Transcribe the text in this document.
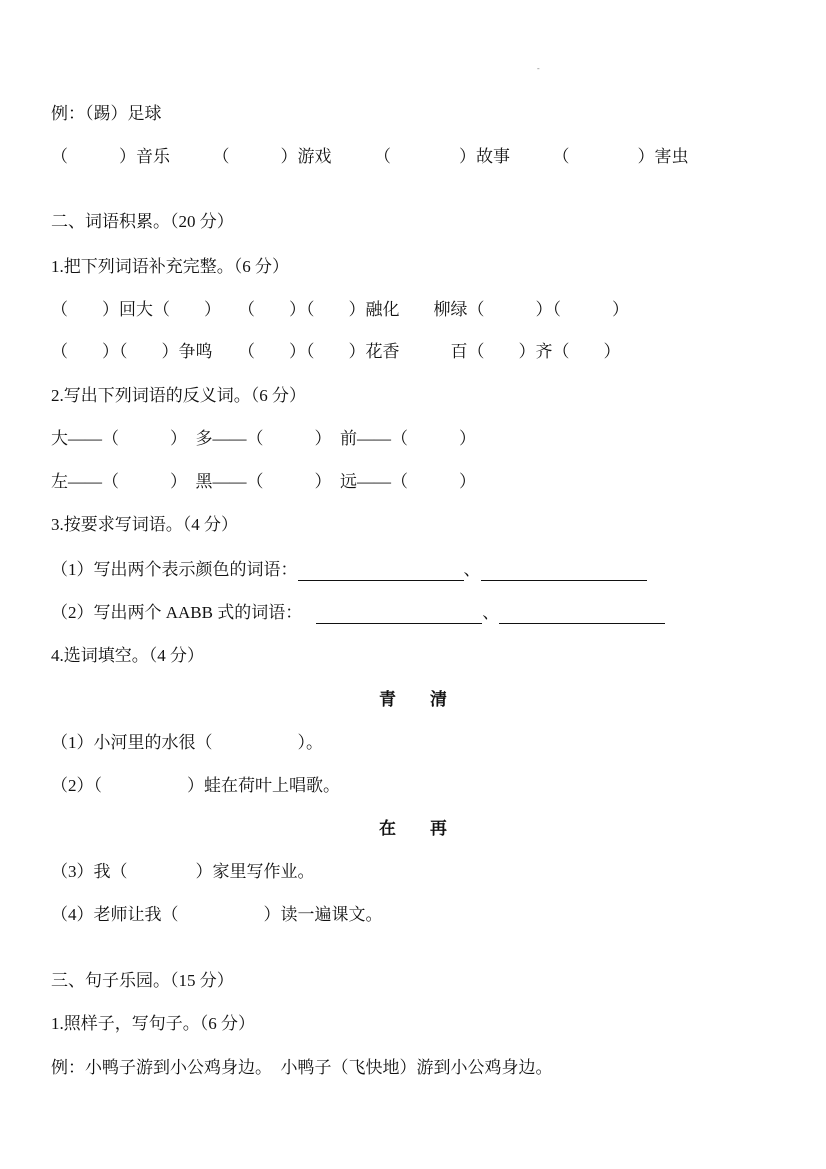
-
例：（踢）足球
（　　　）音乐　　　（　　　）游戏　　　（　　　　）故事　　　（　　　　）害虫
二、词语积累。（20 分）
1.把下列词语补充完整。（6 分）
（　　）回大（　　）　　（　　）（　　）融化　　柳绿（　　　）（　　　）
（　　）（　　）争鸣　　（　　）（　　）花香　　　百（　　）齐（　　）
2.写出下列词语的反义词。（6 分）
大——（　　　）　多——（　　　）　前——（　　　）
左——（　　　）　黑——（　　　）　远——（　　　）
3.按要求写词语。（4 分）
（1）写出两个表示颜色的词语：	、
（2）写出两个 AABB 式的词语：	、
4.选词填空。（4 分）
青　　清
（1）小河里的水很（　　　　　）。
（2）（　　　　　）蛙在荷叶上唱歌。
在　　再
（3）我（　　　　）家里写作业。
（4）老师让我（　　　　　）读一遍课文。
三、句子乐园。（15 分）
1.照样子，写句子。（6 分）
例：小鸭子游到小公鸡身边。　小鸭子（飞快地）游到小公鸡身边。
